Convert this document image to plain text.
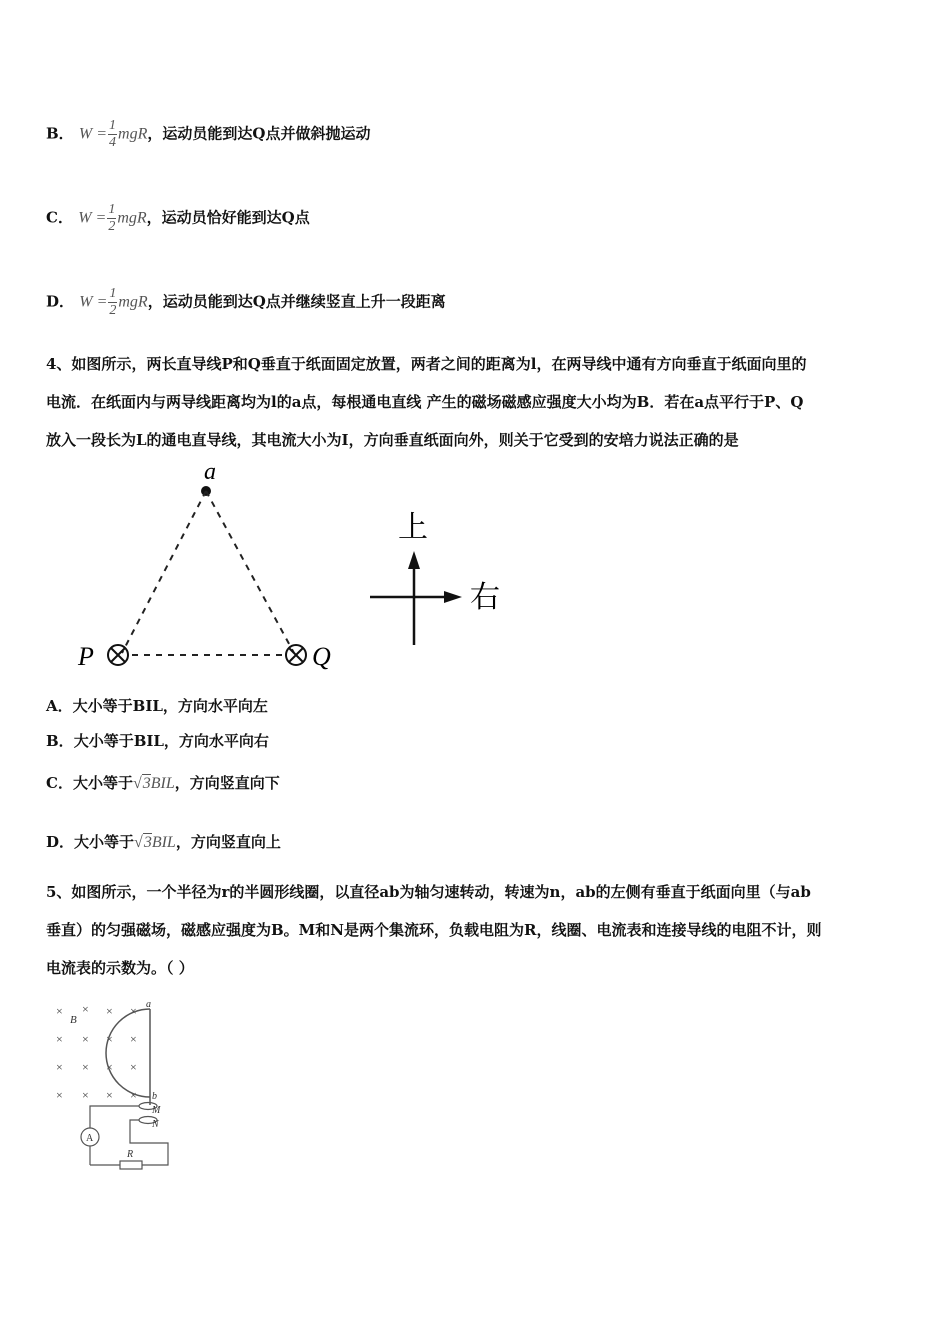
B． $W = \frac{1}{4}$ mgR，运动员能到达Q点并做斜抛运动
C． $W = \frac{1}{2}$ mgR，运动员恰好能到达Q点
D． $W = \frac{1}{2}$ mgR，运动员能到达Q点并继续竖直上升一段距离
4、如图所示，两长直导线P和Q垂直于纸面固定放置，两者之间的距离为l，在两导线中通有方向垂直于纸面向里的
电流．在纸面内与两导线距离均为l的a点，每根通电直线 产生的磁场磁感应强度大小均为B．若在a点平行于P、Q
放入一段长为L的通电直导线，其电流大小为I，方向垂直纸面向外，则关于它受到的安培力说法正确的是
a
P	Q
上
右
A．大小等于BIL，方向水平向左
B．大小等于BIL，方向水平向右
C．大小等于√3BIL，方向竖直向下
D．大小等于√3BIL，方向竖直向上
5、如图所示，一个半径为r的半圆形线圈，以直径ab为轴匀速转动，转速为n，ab的左侧有垂直于纸面向里（与ab
垂直）的匀强磁场，磁感应强度为B。M和N是两个集流环，负载电阻为R，线圈、电流表和连接导线的电阻不计，则
电流表的示数为。（ ）
× × × ×
× × × ×
× × × ×
× × × ×
B
a
b
M
N
R
A
